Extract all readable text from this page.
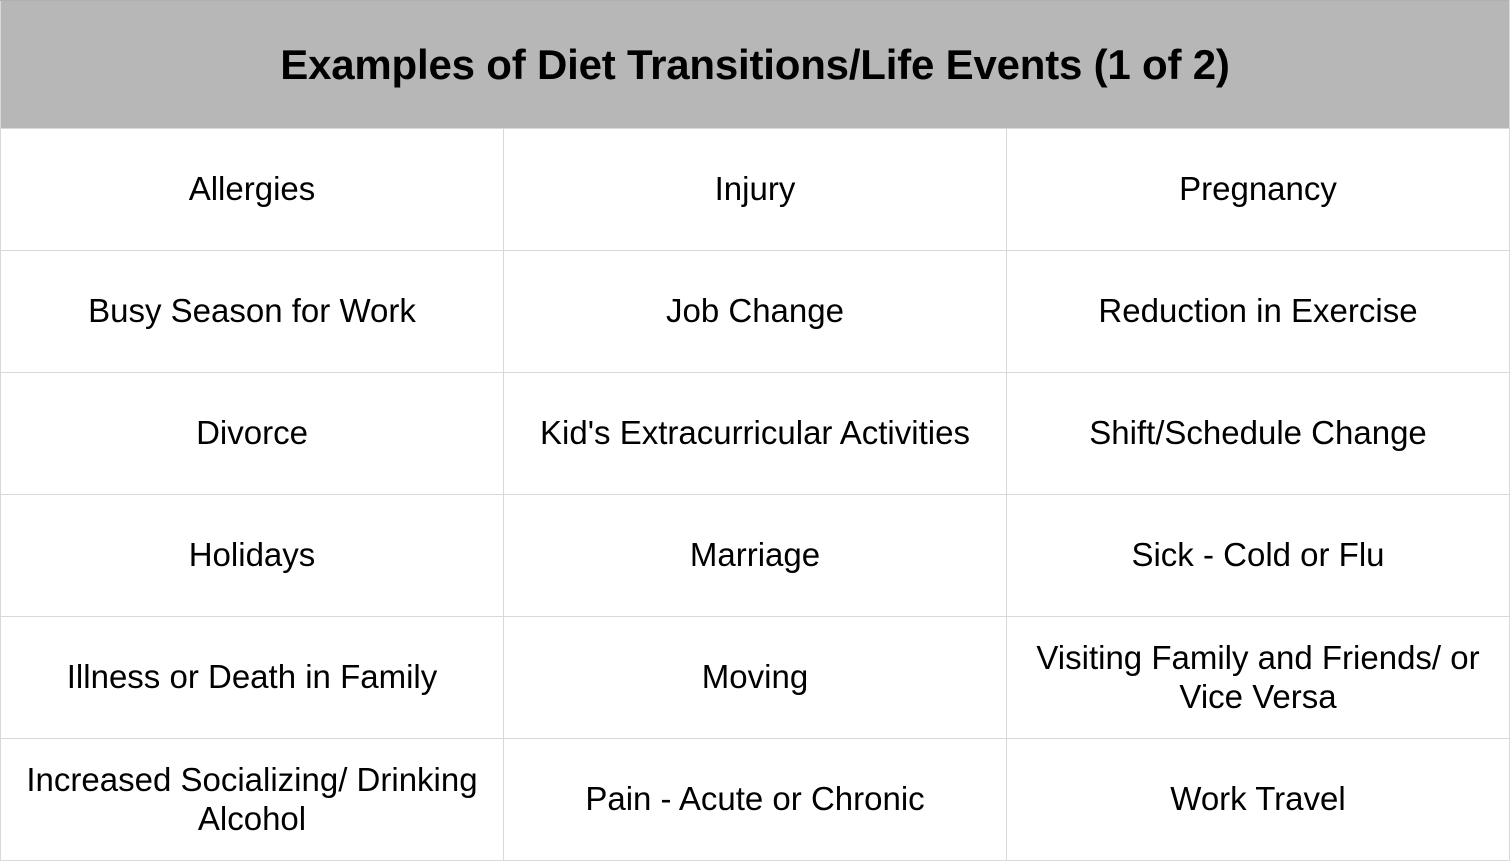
Examples of Diet Transitions/Life Events (1 of 2)		

Allergies	Injury	Pregnancy

Busy Season for Work	Job Change	Reduction in Exercise

Divorce	Kid's Extracurricular Activities	Shift/Schedule Change

Holidays	Marriage	Sick - Cold or Flu

Illness or Death in Family	Moving	Visiting Family and Friends/ or Vice Versa

Increased Socializing/ Drinking Alcohol	Pain - Acute or Chronic	Work Travel
